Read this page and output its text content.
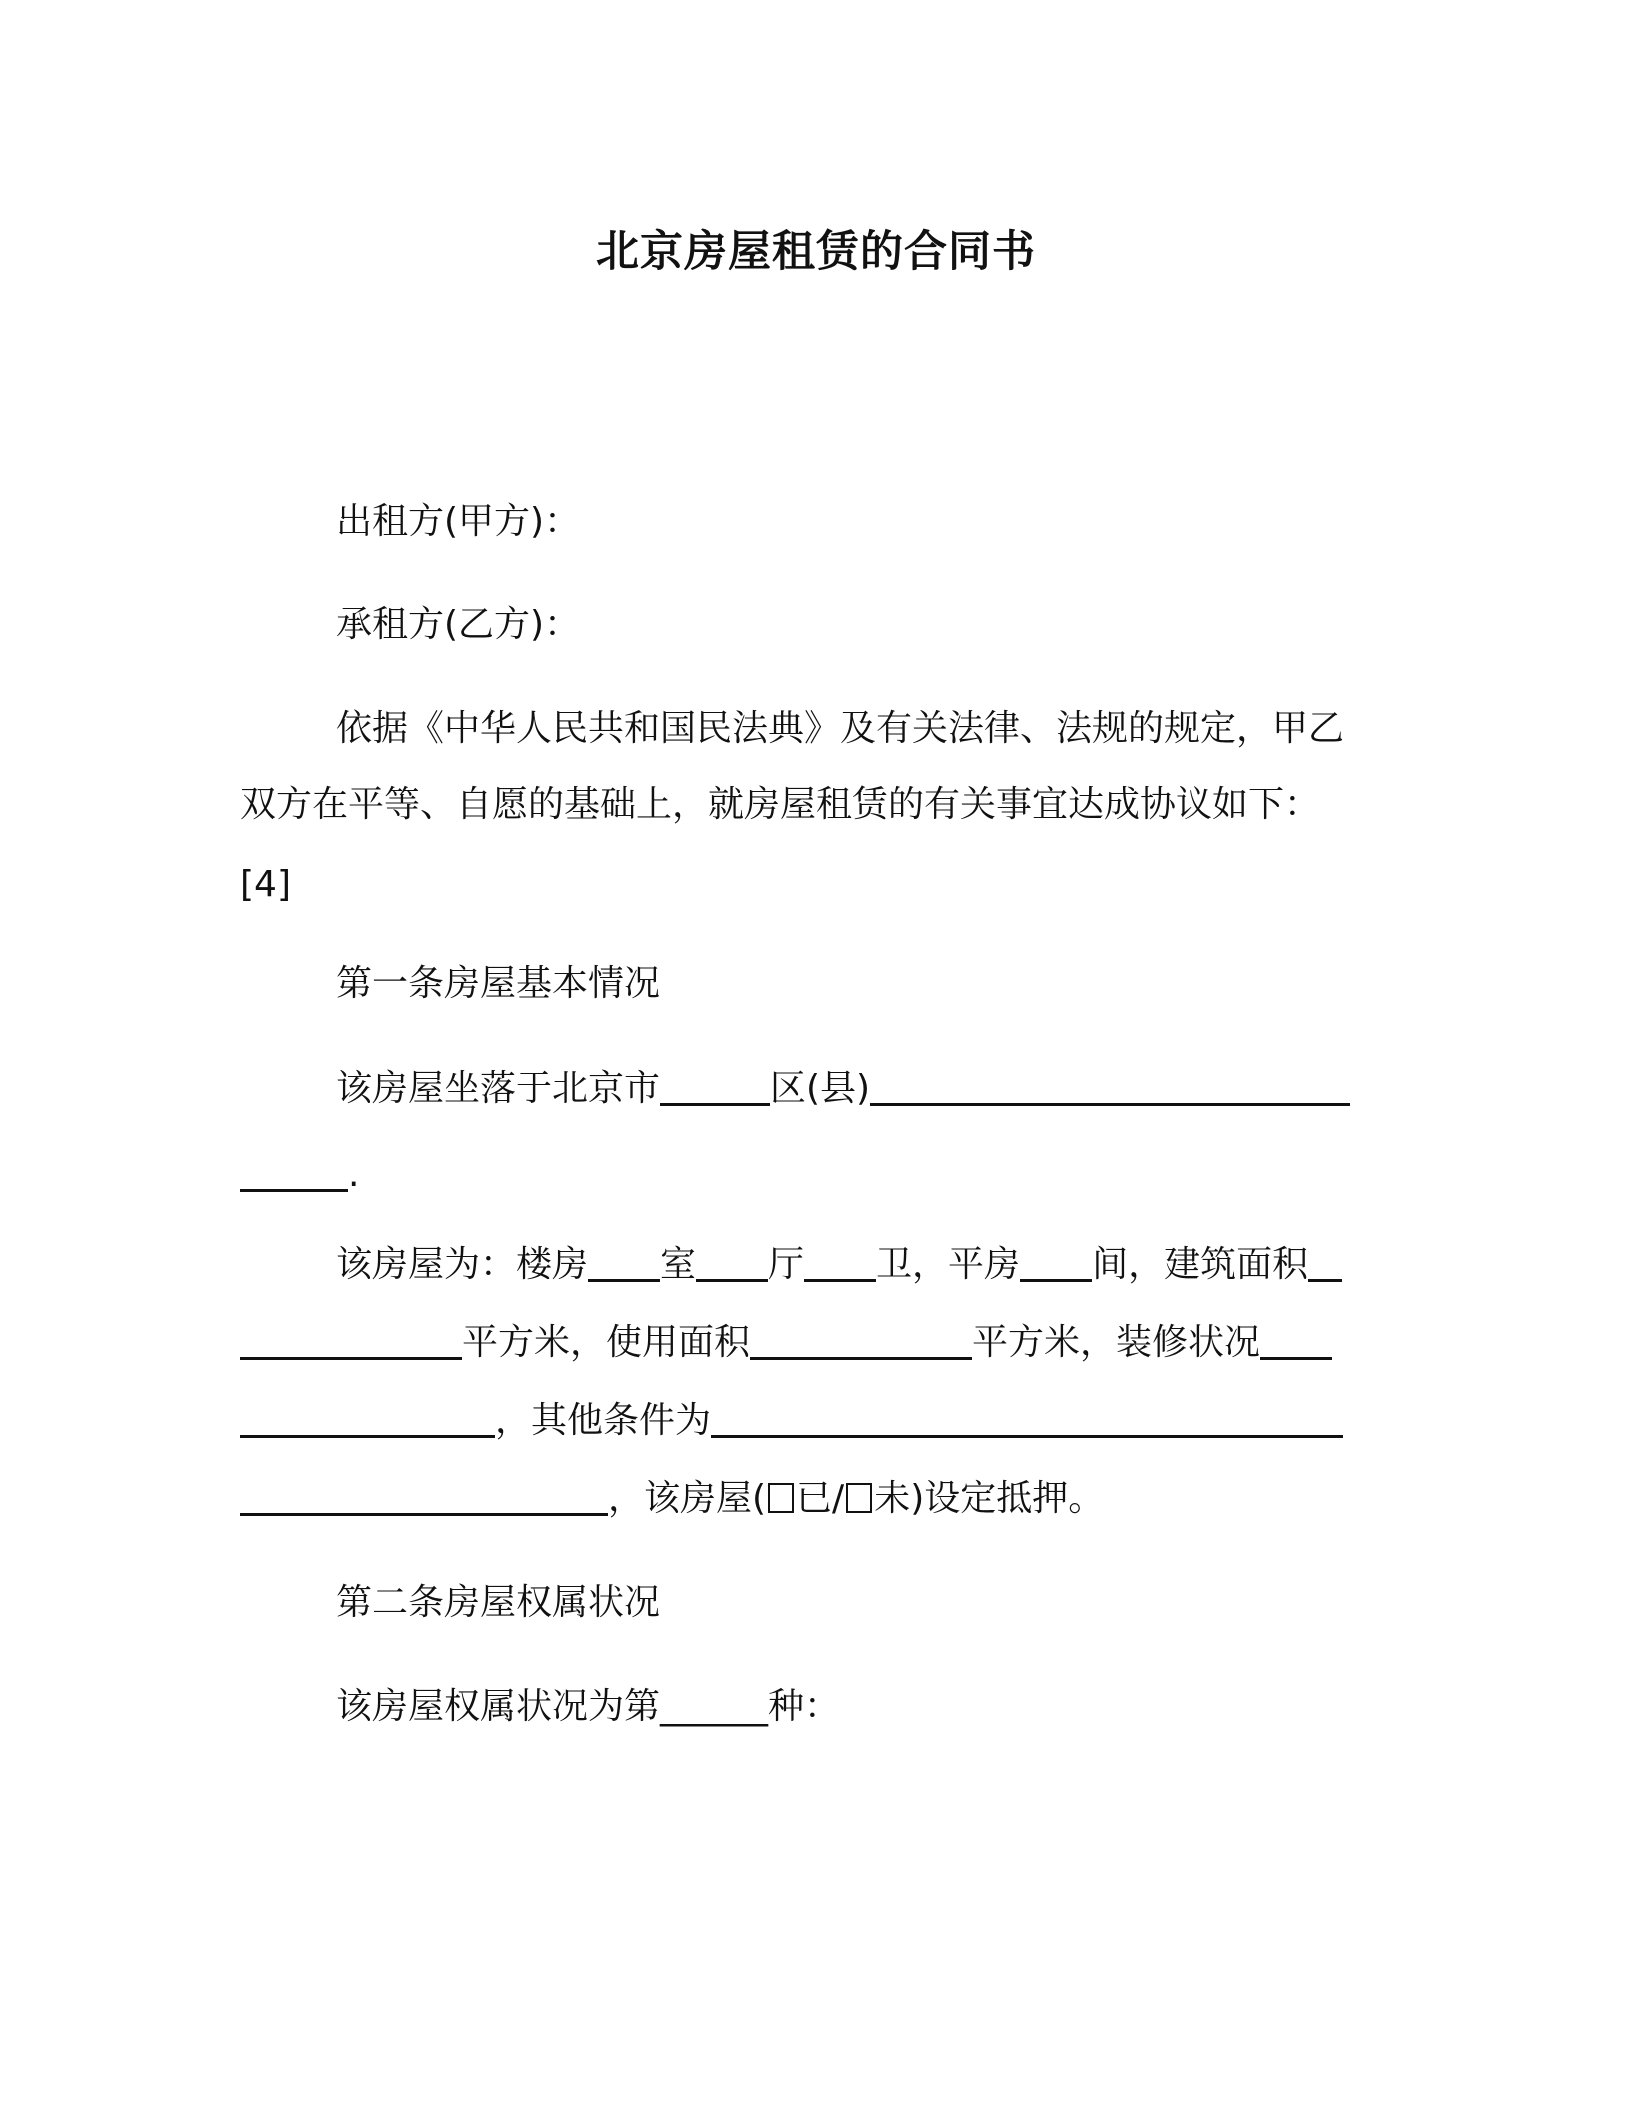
北京房屋租赁的合同书
出租方(甲方)：
承租方(乙方)：
依据《中华人民共和国民法典》及有关法律、法规的规定，甲乙
双方在平等、自愿的基础上，就房屋租赁的有关事宜达成协议如下：
[4]
第一条房屋基本情况
该房屋坐落于北京市	区(县)
.
该房屋为：楼房 室 厅 卫，平房 间，建筑面积
平方米，使用面积	平方米，装修状况
，其他条件为
，该房屋( 已/ 未)设定抵押。
第二条房屋权属状况
该房屋权属状况为第______种：
